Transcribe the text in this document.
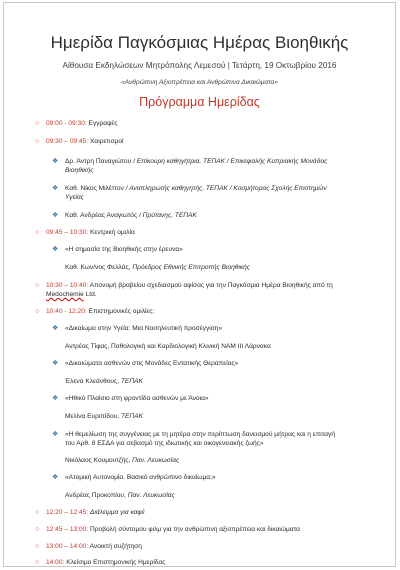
Ημερίδα Παγκόσμιας Ημέρας Βιοηθικής
Αίθουσα Εκδηλώσεων Μητρόπολης Λεμεσού | Τετάρτη, 19 Οκτωβρίου 2016
«Ανθρώπινη Αξιοπρέπεια και Ανθρώπινα Δικαιώματα»
Πρόγραμμα Ημερίδας
○ 09:00 - 09:30: Εγγραφές
○ 09:30 – 09:45: Χαιρετισμοί
❖ Δρ. Άντρη Παναγιώτου / Επίκουρη καθηγήτρια, ΤΕΠΑΚ / Επικεφαλής Κυπριακής Μονάδας
Βιοηθικής
❖ Καθ. Νίκος Μιλέττον / Αναπληρωτής καθηγητής, ΤΕΠΑΚ / Κοσμήτορας Σχολής Επιστημών
Υγείας
❖ Καθ. Ανδρέας Αναγιωτός / Πρύτανης, ΤΕΠΑΚ
○ 09:45 – 10:30: Κεντρική ομιλία
❖ «Η σημασία της Βιοηθικής στην έρευνα»
Καθ. Κων/νος Φελλάς, Πρόεδρος Εθνικής Επιτροπής Βιοηθικής
○ 10:30 – 10:40: Απονομή βραβείου σχεδιασμού αφίσας για την Παγκόσμια Ημέρα Βιοηθικής από τη
Medochemie Ltd.
○ 10:40 - 12:20: Επιστημονικές ομιλίες:
❖ «Δικαίωμα στην Υγεία: Μια Νοσηλευτική προσέγγιση»
Αντρέας Τίφας, Παθολογική και Καρδιολογική Κλινική ΝΑΜ ΙΙΙ Λάρνακα
❖ «Δικαιώματα ασθενών στις Μονάδες Εντατικής Θεραπείας»
Έλενα Κλεάνθους, ΤΕΠΑΚ
❖ «Ηθικό Πλαίσιο στη φροντίδα ασθενών με Άνοια»
Μελίνα Ευριπίδου, ΤΕΠΑΚ
❖ «Η θεμελίωση της συγγένειας με τη μητέρα στην περίπτωση δανεισμού μήτρας και η επιταγή
του Αρθ. 8 ΕΣΔΑ για σεβασμό της ιδιωτικής και οικογενειακής ζωής»
Νικόλαος Κουμουτζής, Παν. Λευκωσίας
❖ «Ατομική Αυτονομία. Βασικό ανθρώπινο δικαίωμα;»
Ανδρέας Προκοπίου, Παν. Λευκωσίας
○ 12:20 – 12:45: Διάλειμμα για καφέ
○ 12:45 – 13:00: Προβολή σύντομου φιλμ για την ανθρώπινη αξιοπρέπεια και δικαιώματα
○ 13:00 – 14:00: Ανοικτή συζήτηση
○ 14:00: Κλείσιμο Επιστημονικής Ημερίδας
